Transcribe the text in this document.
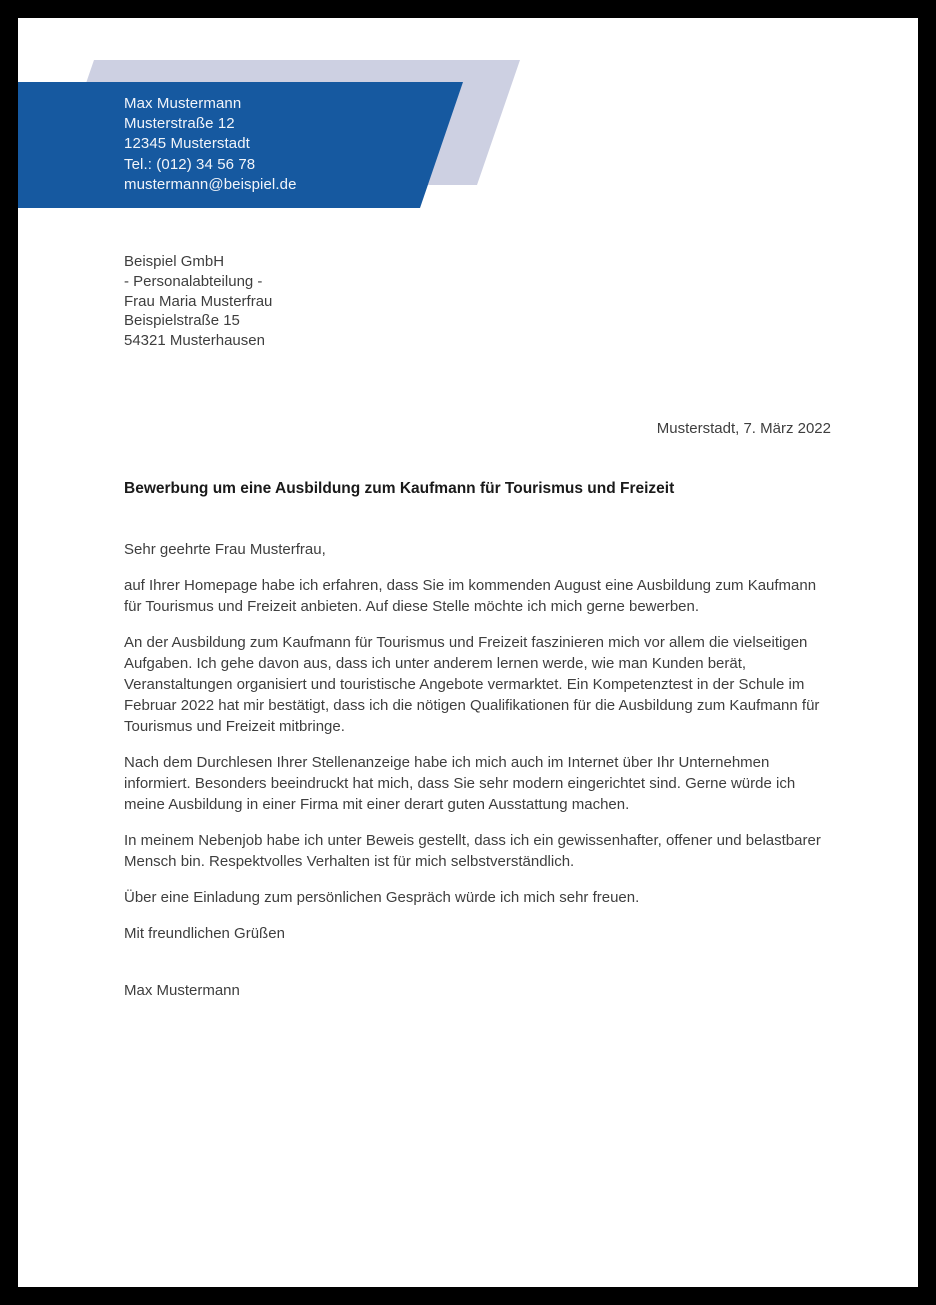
Max Mustermann
Musterstraße 12
12345 Musterstadt
Tel.: (012) 34 56 78
mustermann@beispiel.de
Beispiel GmbH
- Personalabteilung -
Frau Maria Musterfrau
Beispielstraße 15
54321 Musterhausen
Musterstadt, 7. März 2022
Bewerbung um eine Ausbildung zum Kaufmann für Tourismus und Freizeit
Sehr geehrte Frau Musterfrau,

auf Ihrer Homepage habe ich erfahren, dass Sie im kommenden August eine Ausbildung zum Kaufmann für Tourismus und Freizeit anbieten. Auf diese Stelle möchte ich mich gerne bewerben.

An der Ausbildung zum Kaufmann für Tourismus und Freizeit faszinieren mich vor allem die vielseitigen Aufgaben. Ich gehe davon aus, dass ich unter anderem lernen werde, wie man Kunden berät, Veranstaltungen organisiert und touristische Angebote vermarktet. Ein Kompetenztest in der Schule im Februar 2022 hat mir bestätigt, dass ich die nötigen Qualifikationen für die Ausbildung zum Kaufmann für Tourismus und Freizeit mitbringe.

Nach dem Durchlesen Ihrer Stellenanzeige habe ich mich auch im Internet über Ihr Unternehmen informiert. Besonders beeindruckt hat mich, dass Sie sehr modern eingerichtet sind. Gerne würde ich meine Ausbildung in einer Firma mit einer derart guten Ausstattung machen.

In meinem Nebenjob habe ich unter Beweis gestellt, dass ich ein gewissenhafter, offener und belastbarer Mensch bin. Respektvolles Verhalten ist für mich selbstverständlich.

Über eine Einladung zum persönlichen Gespräch würde ich mich sehr freuen.

Mit freundlichen Grüßen
Max Mustermann
